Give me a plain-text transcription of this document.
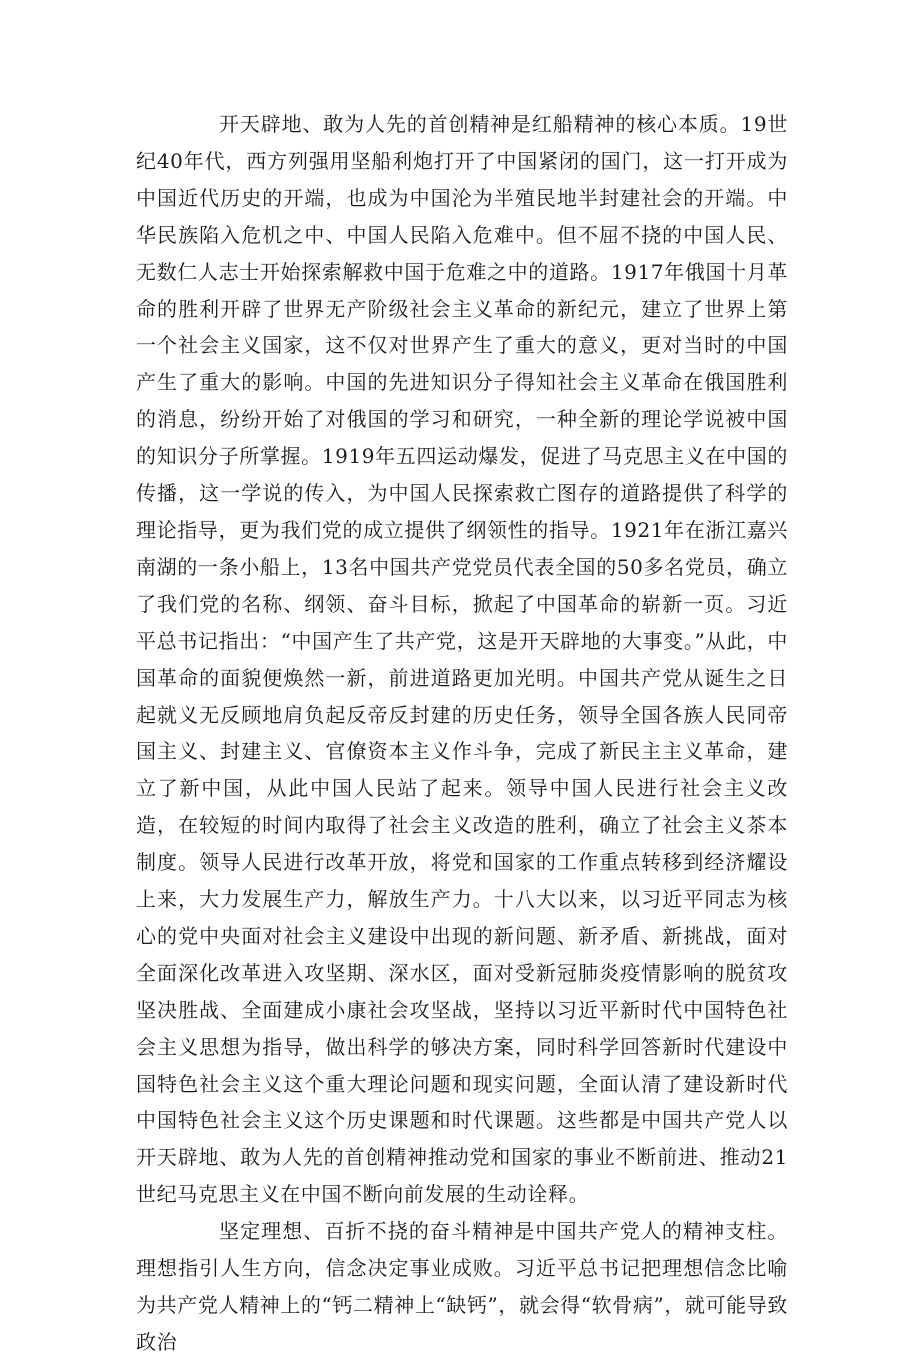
开天辟地、敢为人先的首创精神是红船精神的核心本质。19世纪40年代，西方列强用坚船利炮打开了中国紧闭的国门，这一打开成为中国近代历史的开端，也成为中国沦为半殖民地半封建社会的开端。中华民族陷入危机之中、中国人民陷入危难中。但不屈不挠的中国人民、无数仁人志士开始探索解救中国于危难之中的道路。1917年俄国十月革命的胜利开辟了世界无产阶级社会主义革命的新纪元，建立了世界上第一个社会主义国家，这不仅对世界产生了重大的意义，更对当时的中国产生了重大的影响。中国的先进知识分子得知社会主义革命在俄国胜利的消息，纷纷开始了对俄国的学习和研究，一种全新的理论学说被中国的知识分子所掌握。1919年五四运动爆发，促进了马克思主义在中国的传播，这一学说的传入，为中国人民探索救亡图存的道路提供了科学的理论指导，更为我们党的成立提供了纲领性的指导。1921年在浙江嘉兴南湖的一条小船上，13名中国共产党党员代表全国的50多名党员，确立了我们党的名称、纲领、奋斗目标，掀起了中国革命的崭新一页。习近平总书记指出：“中国产生了共产党，这是开天辟地的大事变。”从此，中国革命的面貌便焕然一新，前进道路更加光明。中国共产党从诞生之日起就义无反顾地肩负起反帝反封建的历史任务，领导全国各族人民同帝国主义、封建主义、官僚资本主义作斗争，完成了新民主主义革命，建立了新中国，从此中国人民站了起来。领导中国人民进行社会主义改造，在较短的时间内取得了社会主义改造的胜利，确立了社会主义茶本制度。领导人民进行改革开放，将党和国家的工作重点转移到经济耀设上来，大力发展生产力，解放生产力。十八大以来，以习近平同志为核心的党中央面对社会主义建设中出现的新问题、新矛盾、新挑战，面对全面深化改革进入攻坚期、深水区，面对受新冠肺炎疫情影响的脱贫攻坚决胜战、全面建成小康社会攻坚战，坚持以习近平新时代中国特色社会主义思想为指导，做出科学的够决方案，同时科学回答新时代建设中国特色社会主义这个重大理论问题和现实问题，全面认清了建设新时代中国特色社会主义这个历史课题和时代课题。这些都是中国共产党人以开天辟地、敢为人先的首创精神推动党和国家的事业不断前进、推动21世纪马克思主义在中国不断向前发展的生动诠释。

坚定理想、百折不挠的奋斗精神是中国共产党人的精神支柱。理想指引人生方向，信念决定事业成败。习近平总书记把理想信念比喻为共产党人精神上的“钙二精神上“缺钙”，就会得“软骨病”，就可能导致政治
